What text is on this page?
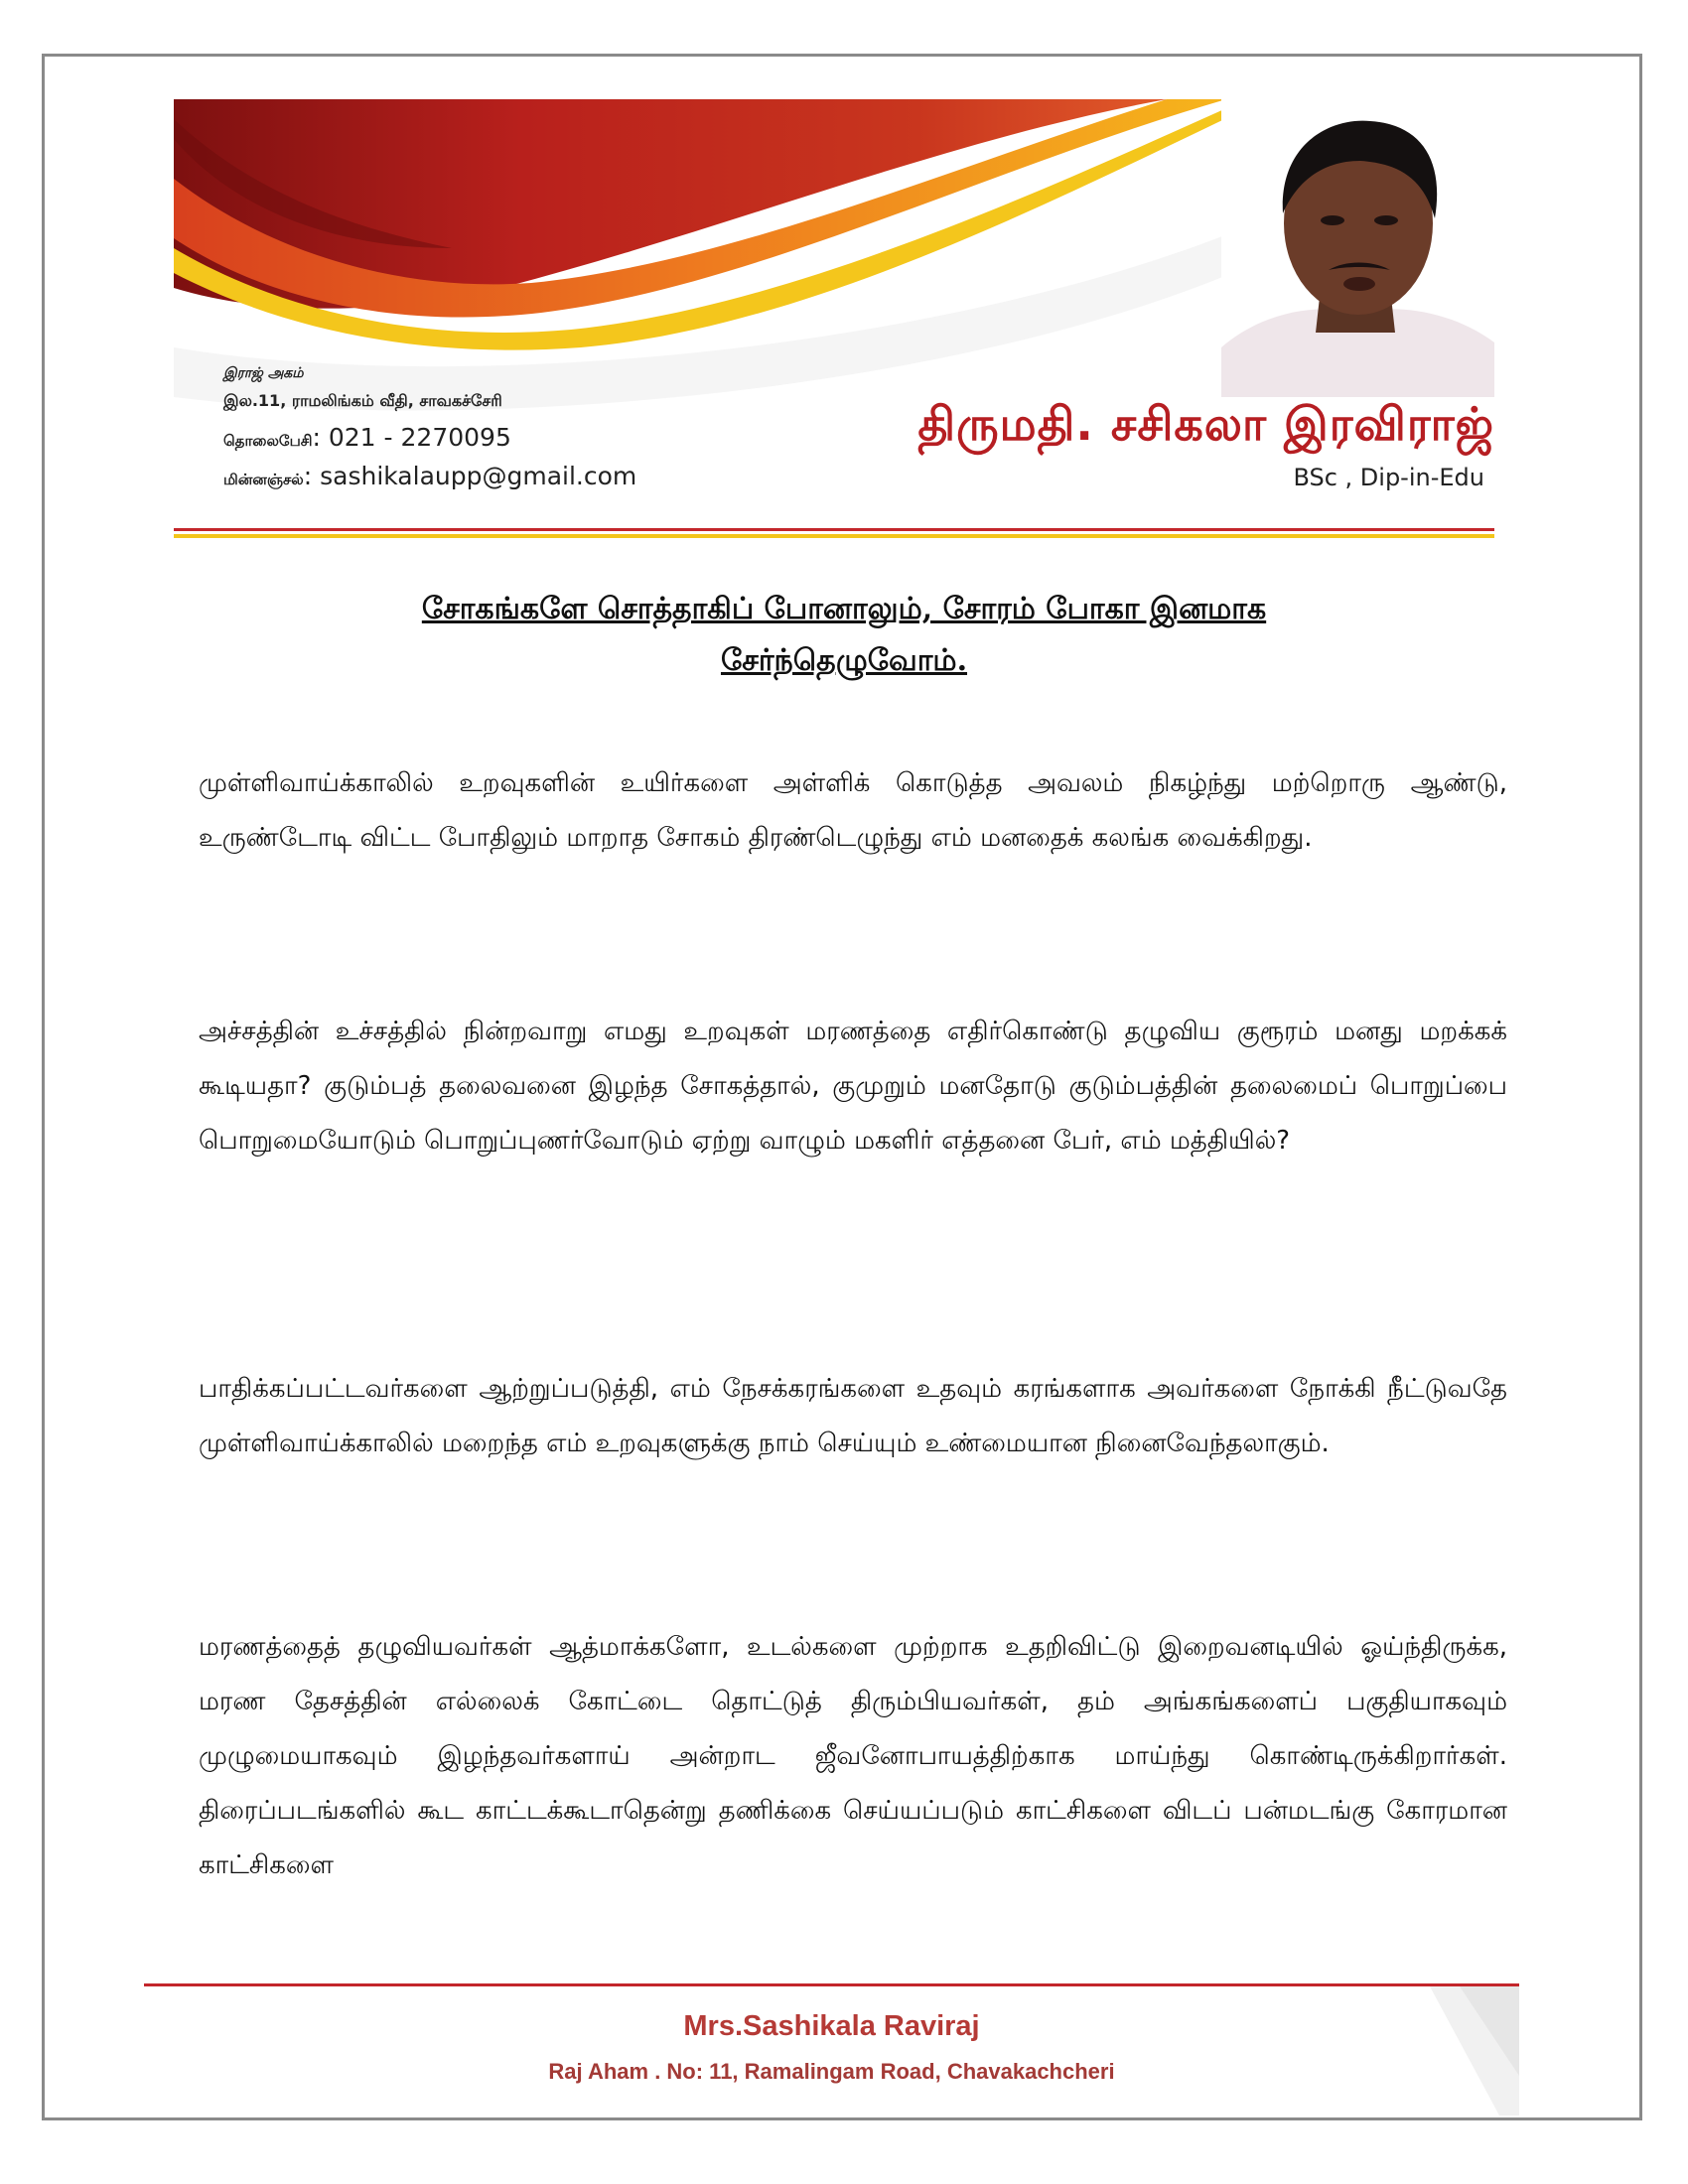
இராஜ் அகம்
இல.11, ராமலிங்கம் வீதி, சாவகச்சேரி
தொலைபேசி: 021 - 2270095
மின்னஞ்சல்: sashikalaupp@gmail.com
திருமதி. சசிகலா இரவிராஜ்
BSc , Dip-in-Edu
சோகங்களே சொத்தாகிப் போனாலும், சோரம் போகா இனமாக
சேர்ந்தெழுவோம்.

முள்ளிவாய்க்காலில் உறவுகளின் உயிர்களை அள்ளிக் கொடுத்த அவலம் நிகழ்ந்து மற்றொரு ஆண்டு, உருண்டோடி விட்ட போதிலும் மாறாத சோகம் திரண்டெழுந்து எம் மனதைக் கலங்க வைக்கிறது.

அச்சத்தின் உச்சத்தில் நின்றவாறு எமது உறவுகள் மரணத்தை எதிர்கொண்டு தழுவிய குரூரம் மனது மறக்கக் கூடியதா? குடும்பத் தலைவனை இழந்த சோகத்தால், குமுறும் மனதோடு குடும்பத்தின் தலைமைப் பொறுப்பை பொறுமையோடும் பொறுப்புணர்வோடும் ஏற்று வாழும் மகளிர் எத்தனை பேர், எம் மத்தியில்?

பாதிக்கப்பட்டவர்களை ஆற்றுப்படுத்தி, எம் நேசக்கரங்களை உதவும் கரங்களாக அவர்களை நோக்கி நீட்டுவதே முள்ளிவாய்க்காலில் மறைந்த எம் உறவுகளுக்கு நாம் செய்யும் உண்மையான நினைவேந்தலாகும்.

மரணத்தைத் தழுவியவர்கள் ஆத்மாக்களோ, உடல்களை முற்றாக உதறிவிட்டு இறைவனடியில் ஓய்ந்திருக்க, மரண தேசத்தின் எல்லைக் கோட்டை தொட்டுத் திரும்பியவர்கள், தம் அங்கங்களைப் பகுதியாகவும் முழுமையாகவும் இழந்தவர்களாய் அன்றாட ஜீவனோபாயத்திற்காக மாய்ந்து கொண்டிருக்கிறார்கள். திரைப்படங்களில் கூட காட்டக்கூடாதென்று தணிக்கை செய்யப்படும் காட்சிகளை விடப் பன்மடங்கு கோரமான காட்சிகளை

Mrs.Sashikala Raviraj
Raj Aham . No: 11, Ramalingam Road, Chavakachcheri
